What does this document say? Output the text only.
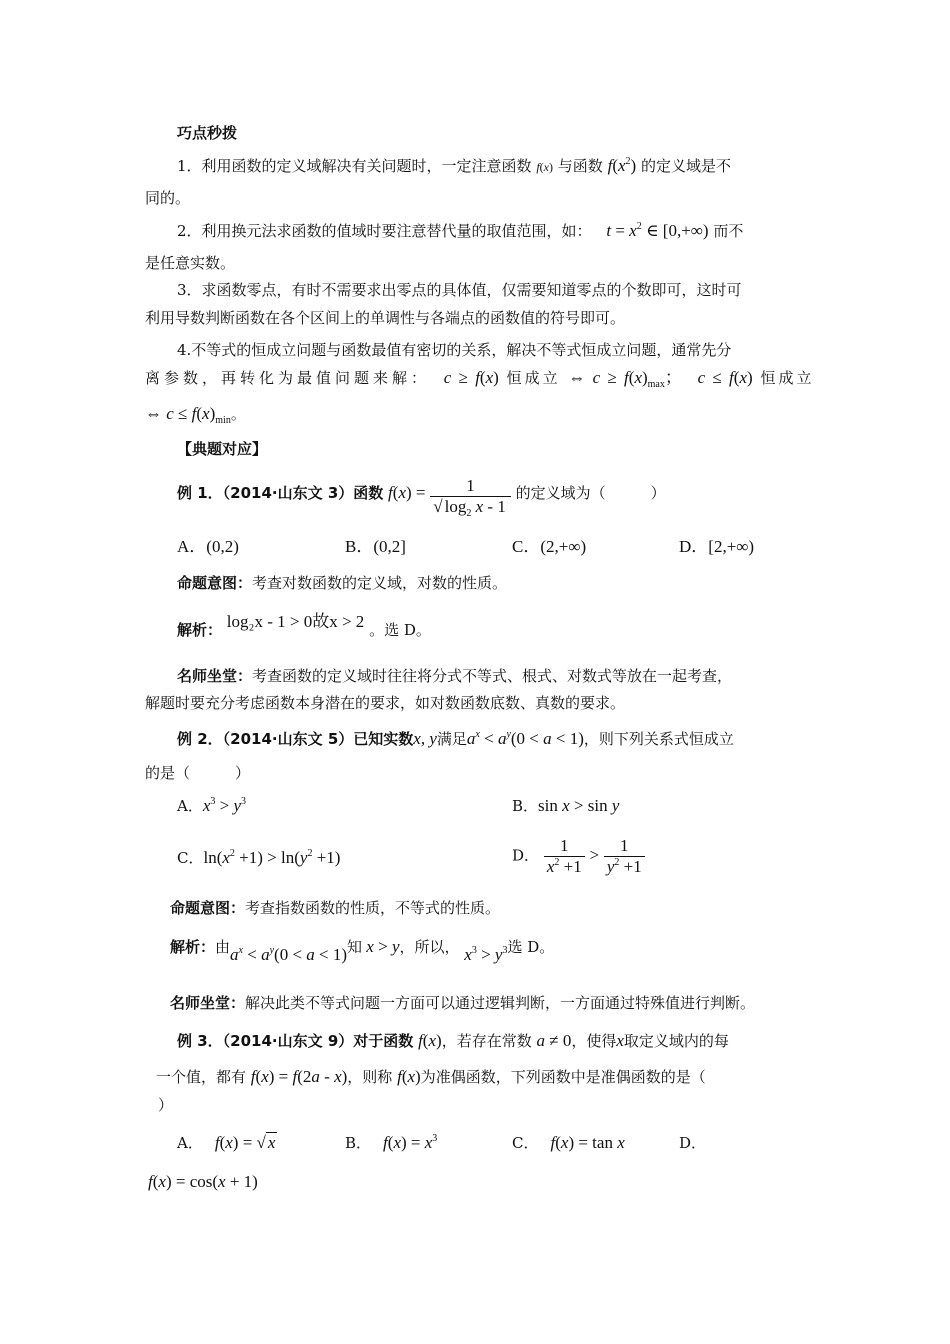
巧点秒拨
1．利用函数的定义域解决有关问题时，一定注意函数 f(x) 与函数 $f(x^2)$ 的定义域是不
同的。
2．利用换元法求函数的值域时要注意替代量的取值范围，如： $t = x^2$ ∈ [0,+∞) 而不
是任意实数。
3．求函数零点，有时不需要求出零点的具体值，仅需要知道零点的个数即可，这时可
利用导数判断函数在各个区间上的单调性与各端点的函数值的符号即可。
4.不等式的恒成立问题与函数最值有密切的关系，解决不等式恒成立问题，通常先分
离参数，再转化为最值问题来解： c ≥ f(x) 恒成立 ⇔ $c \ge f(x)_{max}$； c ≤ f(x) 恒成立
⇔ $c \le f(x)_{min}$。
【典题对应】
例 1．（2014·山东文 3）函数 $f(x) = \frac{1}{√ \log_2 x - 1}$ 的定义域为（　　　）
A．(0,2)	B．(0,2]	C．(2,+∞)	D．[2,+∞)
命题意图：考查对数函数的定义域，对数的性质。
解析： log₂x - 1 > 0故x > 2 。选 D。
名师坐堂：考查函数的定义域时往往将分式不等式、根式、对数式等放在一起考查，
解题时要充分考虑函数本身潜在的要求，如对数函数底数、真数的要求。
例 2．（2014·山东文 5）已知实数x, y满足$a^x < a^y(0 < a < 1)$，则下列关系式恒成立
的是（　　　）
A．$x^3 > y^3$	B．sin x > sin y
C．$\ln(x^2 +1) > \ln(y^2 +1)$	D． $\frac{1}{x^2 +1} > \frac{1}{y^2 +1}$
命题意图：考查指数函数的性质，不等式的性质。
解析：由$a^x < a^y(0 < a < 1)$知 x > y，所以， $x^3 > y^3$选 D。
名师坐堂：解决此类不等式问题一方面可以通过逻辑判断，一方面通过特殊值进行判断。
例 3．（2014·山东文 9）对于函数 f(x)，若存在常数 a ≠ 0，使得x取定义域内的每
一个值，都有 f(x) = f(2a - x)，则称 f(x)为准偶函数，下列函数中是准偶函数的是（
）
A． f(x) = √ x	B． $f(x) = x^3$	C． f(x) = tan x	D．
f(x) = cos(x + 1)
